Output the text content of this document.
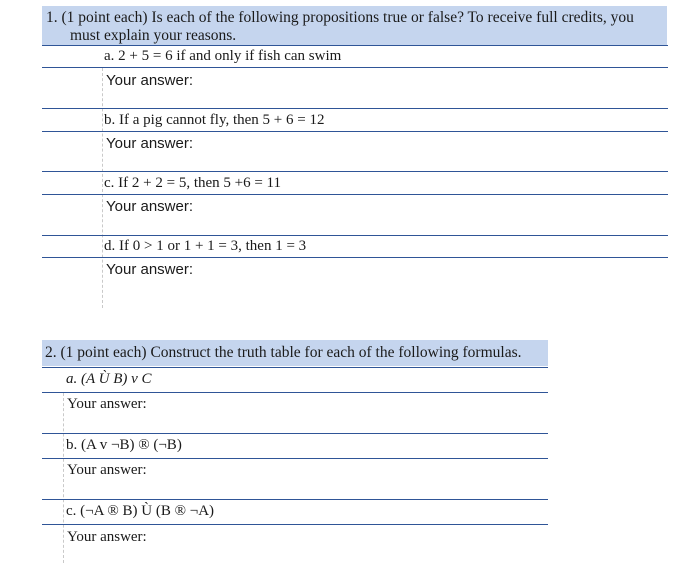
1. (1 point each) Is each of the following propositions true or false? To receive full credits, you
must explain your reasons.
a. 2 + 5 = 6 if and only if fish can swim
Your answer:
b. If a pig cannot fly, then 5 + 6 = 12
Your answer:
c. If 2 + 2 = 5, then 5 +6 = 11
Your answer:
d. If 0 > 1 or 1 + 1 = 3, then 1 = 3
Your answer:
2. (1 point each) Construct the truth table for each of the following formulas.
a. (A Ù B) v C
Your answer:
b. (A v ¬B) ® (¬B)
Your answer:
c. (¬A ® B) Ù (B ® ¬A)
Your answer:
